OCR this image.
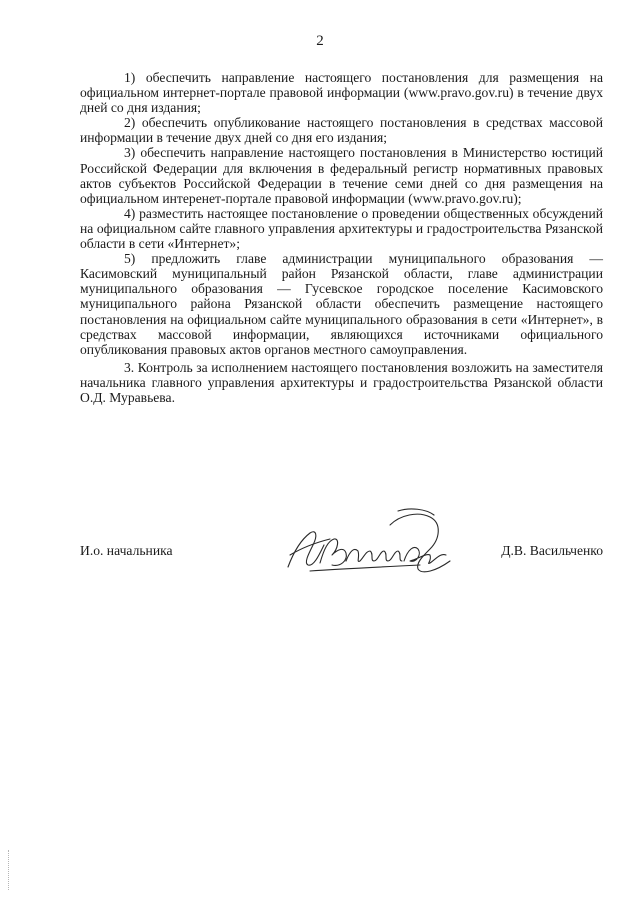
2

1) обеспечить направление настоящего постановления для размещения на официальном интернет-портале правовой информации (www.pravo.gov.ru) в течение двух дней со дня издания;

2) обеспечить опубликование настоящего постановления в средствах массовой информации в течение двух дней со дня его издания;

3) обеспечить направление настоящего постановления в Министерство юстиций Российской Федерации для включения в федеральный регистр нормативных правовых актов субъектов Российской Федерации в течение семи дней со дня размещения на официальном интеренет-портале правовой информации (www.pravo.gov.ru);

4) разместить настоящее постановление о проведении общественных обсуждений на официальном сайте главного управления архитектуры и градостроительства Рязанской области в сети «Интернет»;

5) предложить главе администрации муниципального образования — Касимовский муниципальный район Рязанской области, главе администрации муниципального образования — Гусевское городское поселение Касимовского муниципального района Рязанской области обеспечить размещение настоящего постановления на официальном сайте муниципального образования в сети «Интернет», в средствах массовой информации, являющихся источниками официального опубликования правовых актов органов местного самоуправления.

3. Контроль за исполнением настоящего постановления возложить на заместителя начальника главного управления архитектуры и градостроительства Рязанской области О.Д. Муравьева.

И.о. начальника	Д.В. Васильченко
